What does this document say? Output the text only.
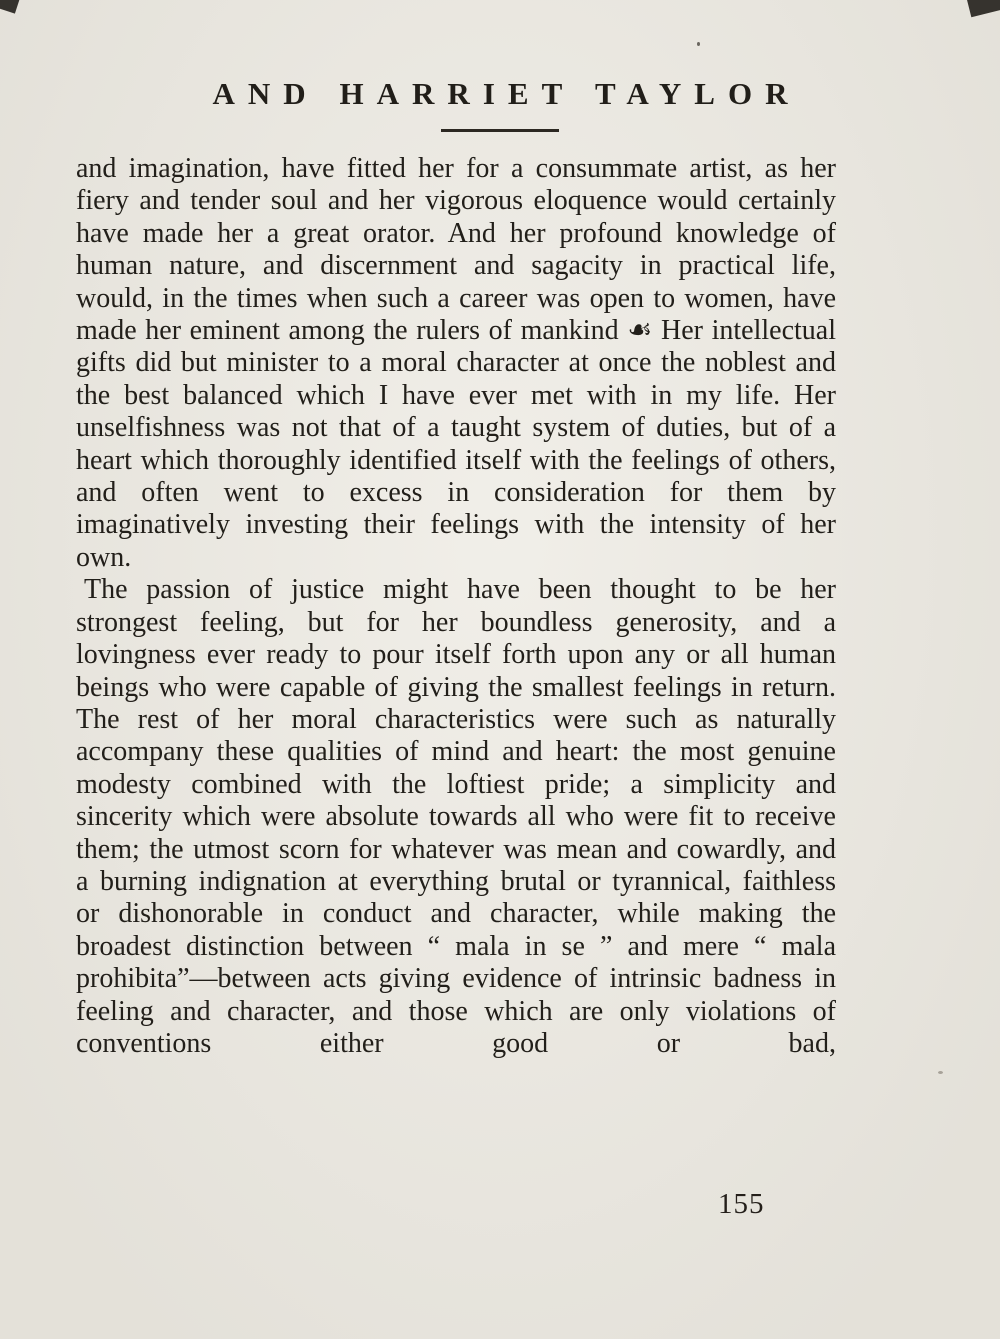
AND HARRIET TAYLOR

and imagination, have fitted her for a consummate artist, as her fiery and tender soul and her vigorous eloquence would certainly have made her a great orator. And her profound knowledge of human nature, and discernment and sagacity in practical life, would, in the times when such a career was open to women, have made her eminent among the rulers of mankind ☙ Her intellectual gifts did but minister to a moral character at once the noblest and the best balanced which I have ever met with in my life. Her unselfishness was not that of a taught system of duties, but of a heart which thoroughly identified itself with the feelings of others, and often went to excess in consideration for them by imaginatively investing their feelings with the intensity of her own.

The passion of justice might have been thought to be her strongest feeling, but for her boundless generosity, and a lovingness ever ready to pour itself forth upon any or all human beings who were capable of giving the smallest feelings in return. The rest of her moral characteristics were such as naturally accompany these qualities of mind and heart: the most genuine modesty combined with the loftiest pride; a simplicity and sincerity which were absolute towards all who were fit to receive them; the utmost scorn for whatever was mean and cowardly, and a burning indignation at everything brutal or tyrannical, faithless or dishonorable in conduct and character, while making the broadest distinction between “ mala in se ” and mere “ mala prohibita”—between acts giving evidence of intrinsic badness in feeling and character, and those which are only violations of conventions either good or bad,

155
